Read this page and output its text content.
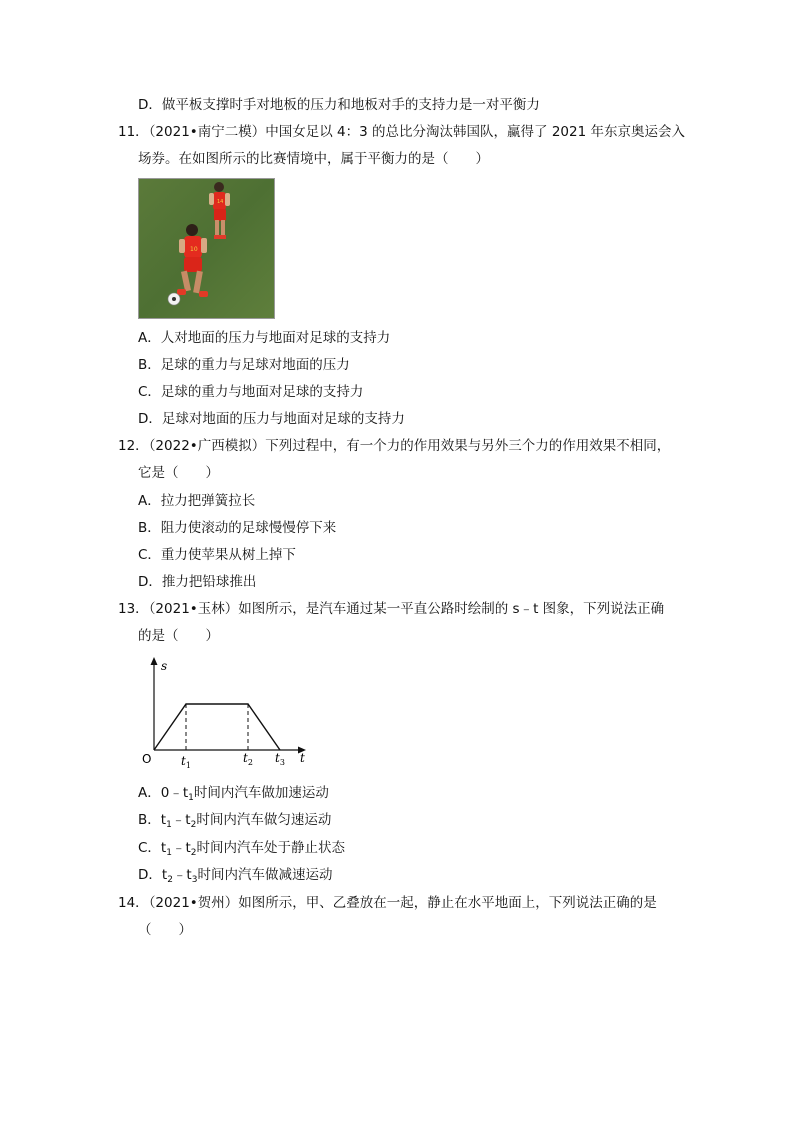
D．做平板支撑时手对地板的压力和地板对手的支持力是一对平衡力
11．（2021•南宁二模）中国女足以 4：3 的总比分淘汰韩国队，赢得了 2021 年东京奥运会入
场券。在如图所示的比赛情境中，属于平衡力的是（　　）
14
10
A．人对地面的压力与地面对足球的支持力
B．足球的重力与足球对地面的压力
C．足球的重力与地面对足球的支持力
D．足球对地面的压力与地面对足球的支持力
12．（2022•广西模拟）下列过程中，有一个力的作用效果与另外三个力的作用效果不相同，
它是（　　）
A．拉力把弹簧拉长
B．阻力使滚动的足球慢慢停下来
C．重力使苹果从树上掉下
D．推力把铅球推出
13．（2021•玉林）如图所示，是汽车通过某一平直公路时绘制的 s﹣t 图象，下列说法正确
的是（　　）
s
t
O $t_1$
$t_2$ $t_3$
A．$0﹣t_1$时间内汽车做加速运动
B．$t_1﹣t_2$时间内汽车做匀速运动
C．$t_1﹣t_2$时间内汽车处于静止状态
D．$t_2﹣t_3$时间内汽车做减速运动
14．（2021•贺州）如图所示，甲、乙叠放在一起，静止在水平地面上，下列说法正确的是
（　　）
